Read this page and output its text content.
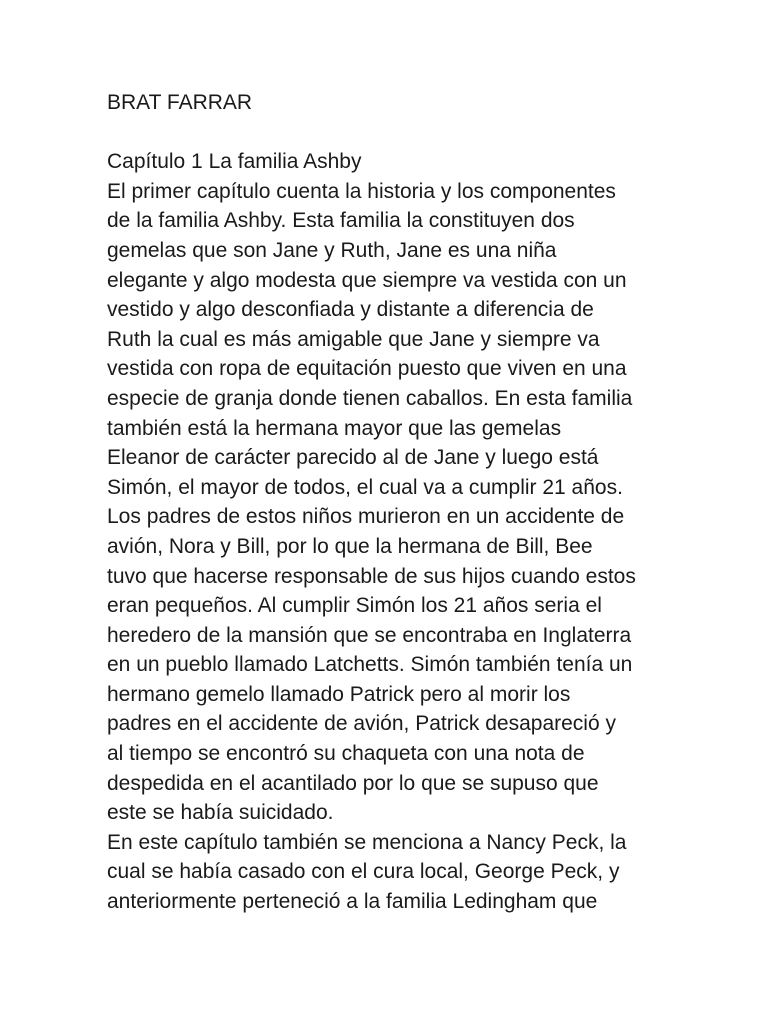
BRAT FARRAR

Capítulo 1 La familia Ashby

El primer capítulo cuenta la historia y los componentes

de la familia Ashby. Esta familia la constituyen dos

gemelas que son Jane y Ruth, Jane es una niña

elegante y algo modesta que siempre va vestida con un

vestido y algo desconfiada y distante a diferencia de

Ruth la cual es más amigable que Jane y siempre va

vestida con ropa de equitación puesto que viven en una

especie de granja donde tienen caballos. En esta familia

también está la hermana mayor que las gemelas

Eleanor de carácter parecido al de Jane y luego está

Simón, el mayor de todos, el cual va a cumplir 21 años.

Los padres de estos niños murieron en un accidente de

avión, Nora y Bill, por lo que la hermana de Bill, Bee

tuvo que hacerse responsable de sus hijos cuando estos

eran pequeños. Al cumplir Simón los 21 años seria el

heredero de la mansión que se encontraba en Inglaterra

en un pueblo llamado Latchetts. Simón también tenía un

hermano gemelo llamado Patrick pero al morir los

padres en el accidente de avión, Patrick desapareció y

al tiempo se encontró su chaqueta con una nota de

despedida en el acantilado por lo que se supuso que

este se había suicidado.

En este capítulo también se menciona a Nancy Peck, la

cual se había casado con el cura local, George Peck, y

anteriormente perteneció a la familia Ledingham que
